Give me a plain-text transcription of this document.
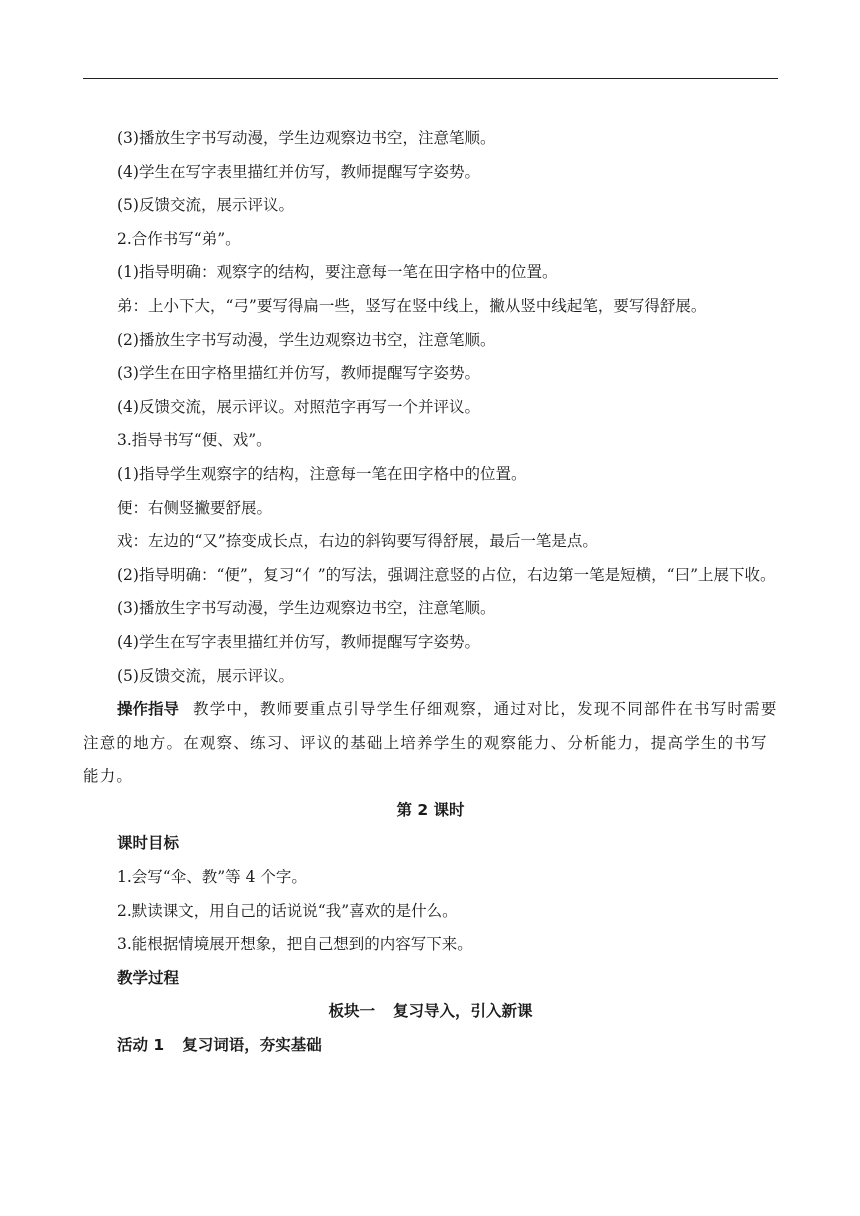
(3)播放生字书写动漫，学生边观察边书空，注意笔顺。

(4)学生在写字表里描红并仿写，教师提醒写字姿势。

(5)反馈交流，展示评议。

2.合作书写“弟”。

(1)指导明确：观察字的结构，要注意每一笔在田字格中的位置。

弟：上小下大，“弓”要写得扁一些，竖写在竖中线上，撇从竖中线起笔，要写得舒展。

(2)播放生字书写动漫，学生边观察边书空，注意笔顺。

(3)学生在田字格里描红并仿写，教师提醒写字姿势。

(4)反馈交流，展示评议。对照范字再写一个并评议。

3.指导书写“便、戏”。

(1)指导学生观察字的结构，注意每一笔在田字格中的位置。

便：右侧竖撇要舒展。

戏：左边的“又”捺变成长点，右边的斜钩要写得舒展，最后一笔是点。

(2)指导明确：“便”，复习“亻”的写法，强调注意竖的占位，右边第一笔是短横，“曰”上展下收。

(3)播放生字书写动漫，学生边观察边书空，注意笔顺。

(4)学生在写字表里描红并仿写，教师提醒写字姿势。

(5)反馈交流，展示评议。

操作指导 教学中，教师要重点引导学生仔细观察，通过对比，发现不同部件在书写时需要注意的地方。在观察、练习、评议的基础上培养学生的观察能力、分析能力，提高学生的书写能力。

第 2 课时

课时目标

1.会写“伞、教”等 4 个字。

2.默读课文，用自己的话说说“我”喜欢的是什么。

3.能根据情境展开想象，把自己想到的内容写下来。

教学过程

板块一 复习导入，引入新课

活动 1 复习词语，夯实基础
